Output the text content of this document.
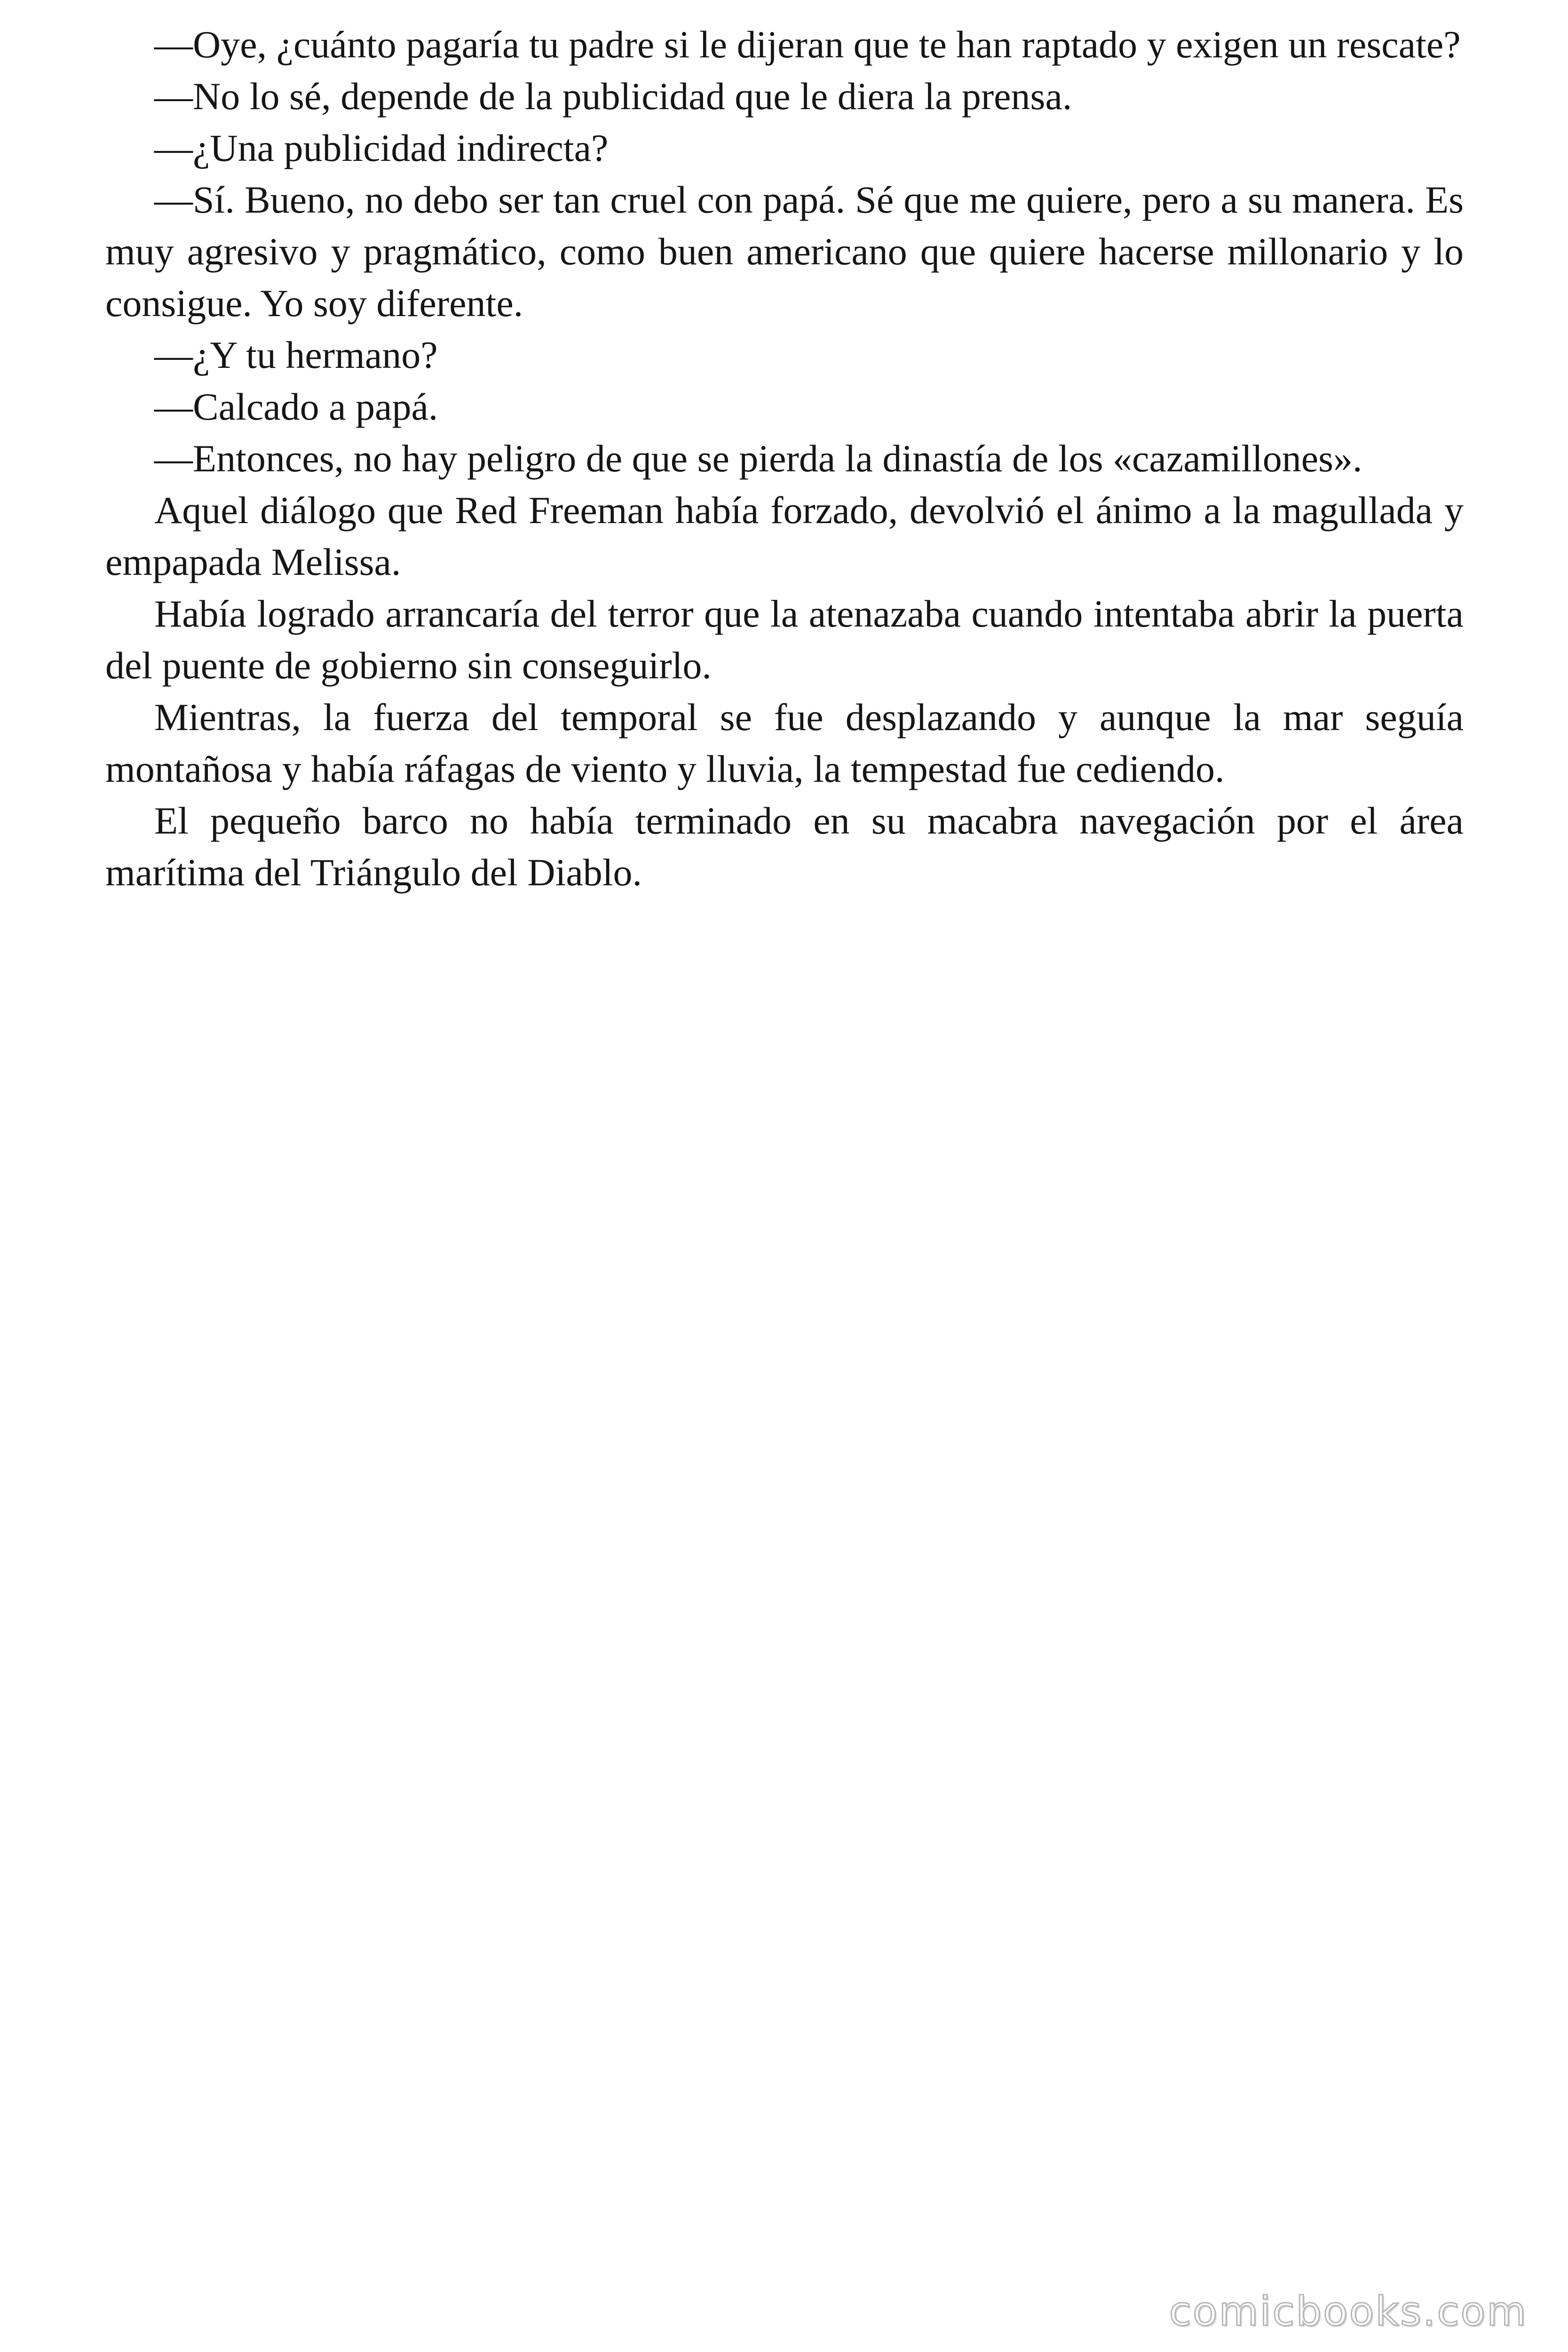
—Oye, ¿cuánto pagaría tu padre si le dijeran que te han raptado y exigen un rescate?

—No lo sé, depende de la publicidad que le diera la prensa.

—¿Una publicidad indirecta?

—Sí. Bueno, no debo ser tan cruel con papá. Sé que me quiere, pero a su manera. Es muy agresivo y pragmático, como buen americano que quiere hacerse millonario y lo consigue. Yo soy diferente.

—¿Y tu hermano?

—Calcado a papá.

—Entonces, no hay peligro de que se pierda la dinastía de los «cazamillones».

Aquel diálogo que Red Freeman había forzado, devolvió el ánimo a la magullada y empapada Melissa.

Había logrado arrancaría del terror que la atenazaba cuando intentaba abrir la puerta del puente de gobierno sin conseguirlo.

Mientras, la fuerza del temporal se fue desplazando y aunque la mar seguía montañosa y había ráfagas de viento y lluvia, la tempestad fue cediendo.

El pequeño barco no había terminado en su macabra navegación por el área marítima del Triángulo del Diablo.

comicbooks.com
